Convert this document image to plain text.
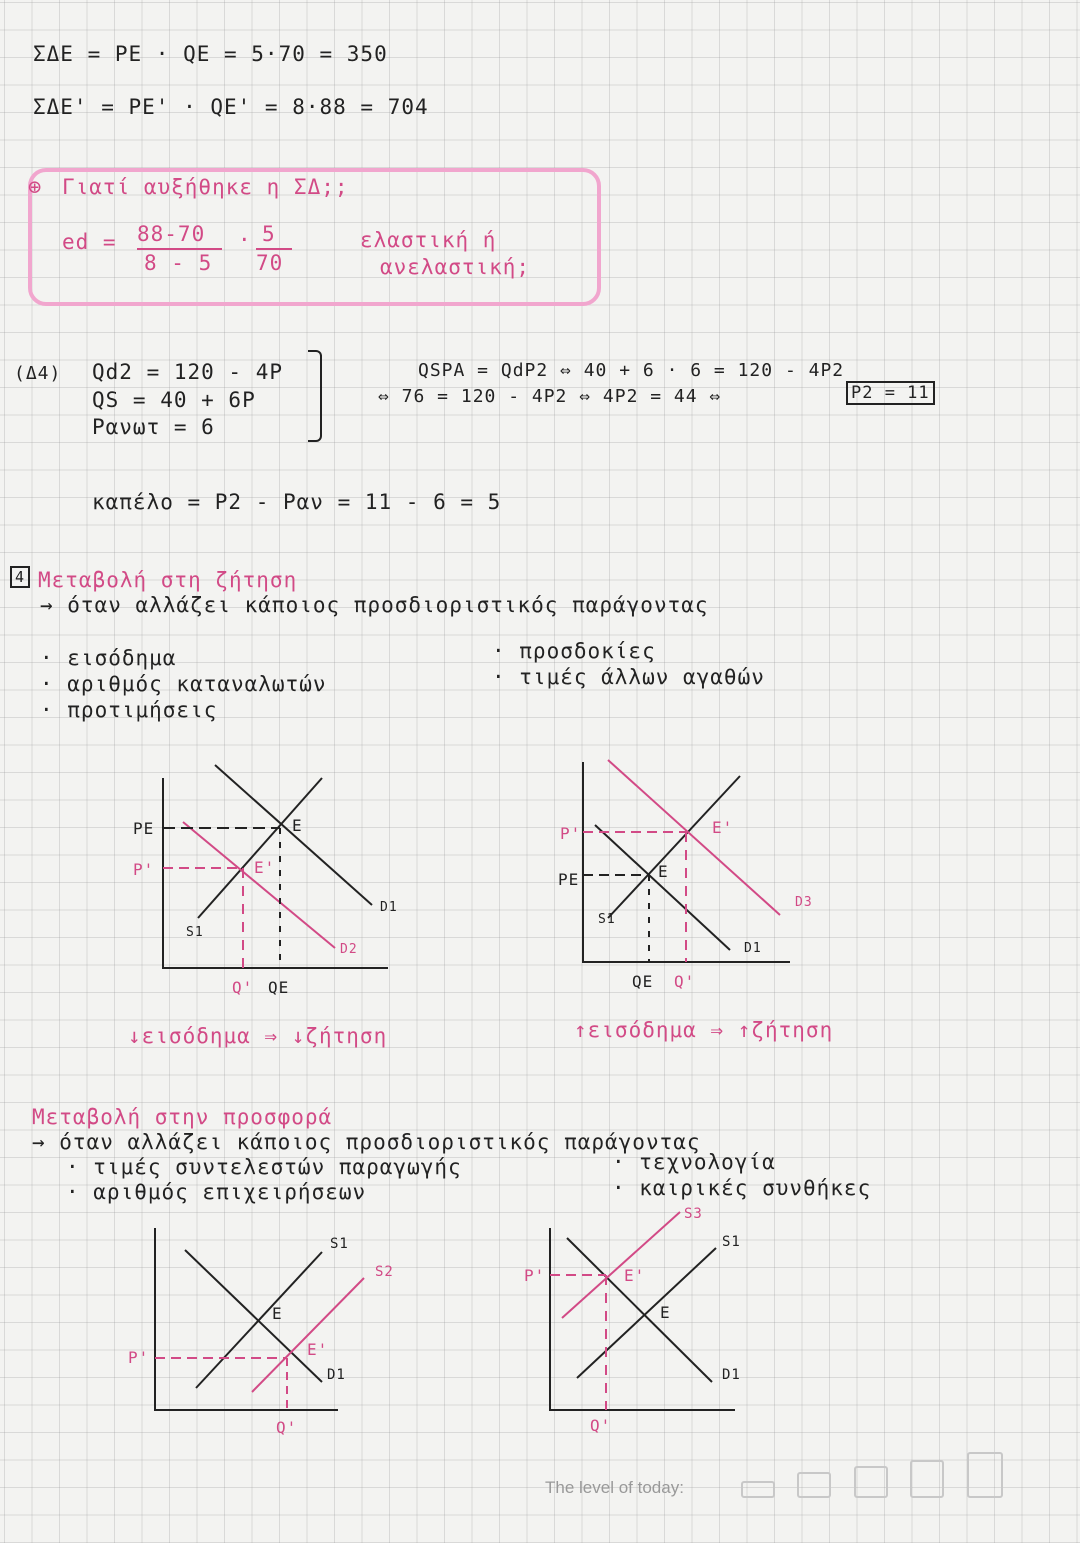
ΣΔΕ = PE · QE = 5·70 = 350
ΣΔΕ' = PE' · QE' = 8·88 = 704
⊕ Γιατί αυξήθηκε η ΣΔ;;
ed = 88-70
8 - 5
· 5
70
ελαστική ή
ανελαστική;
(Δ4) Qd2 = 120 - 4P
QS = 40 + 6P
Pανωτ = 6
QSPA = QdP2 ⇔ 40 + 6 · 6 = 120 - 4P2
⇔ 76 = 120 - 4P2 ⇔ 4P2 = 44 ⇔	P2 = 11
καπέλο = P2 - Pαν = 11 - 6 = 5
4 Μεταβολή στη ζήτηση
→ όταν αλλάζει κάποιος προσδιοριστικός παράγοντας
· εισόδημα
· αριθμός καταναλωτών
· προτιμήσεις
· προσδοκίες
· τιμές άλλων αγαθών
PE
P'
E
E'
S1
D1
D2
Q' QE
P'
PE	E
E'
S1
D1
D3
QE Q'
↓εισόδημα ⇒ ↓ζήτηση	↑εισόδημα ⇒ ↑ζήτηση
Μεταβολή στην προσφορά
→ όταν αλλάζει κάποιος προσδιοριστικός παράγοντας
· τιμές συντελεστών παραγωγής
· αριθμός επιχειρήσεων
· τεχνολογία
· καιρικές συνθήκες
S1
S2
E
E'
P'
D1
Q'
S3
S1
P'	E'
E
D1
Q'
The level of today:
